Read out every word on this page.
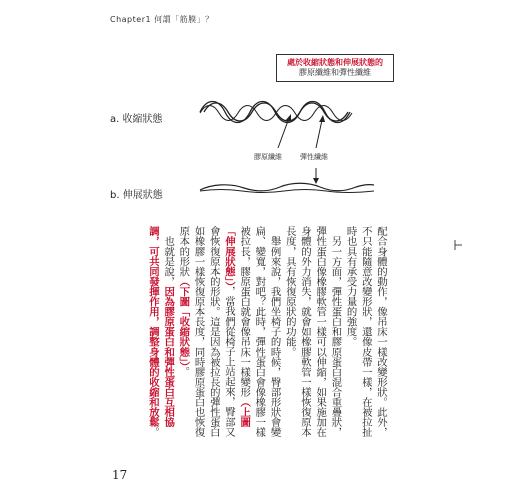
Chapter1 何謂「筋膜」？
處於收縮狀態和伸展狀態的
膠原纖維和彈性纖維
a. 收縮狀態
b. 伸展狀態
膠原纖維	彈性纖維

配合身體的動作，像吊床一樣改變形狀。此外，不只能隨意改變形狀，還像皮帶一樣，在被拉扯時也具有承受力量的強度。

　另一方面，彈性蛋白和膠原蛋白混合重疊狀，彈性蛋白像橡膠軟管一樣可以伸縮，如果施加在身體的外力消失，就會如橡膠軟管一樣恢復原本長度，具有恢復原狀的功能。

　舉例來說，我們坐椅子的時候，臀部形狀會變扁、變寬，對吧？此時，彈性蛋白會像橡膠一樣被拉長，膠原蛋白就會像吊床一樣變形（上圖「伸展狀態」），當我們從椅子上站起來，臀部又會恢復原本的形狀。這是因為被拉長的彈性蛋白如橡膠一樣恢復原本長度，同時膠原蛋白也恢復原本的形狀（下圖「收縮狀態」）。

　也就是說，因為膠原蛋白和彈性蛋白互相協調，可共同發揮作用，調整身體的收縮和放鬆。

17
